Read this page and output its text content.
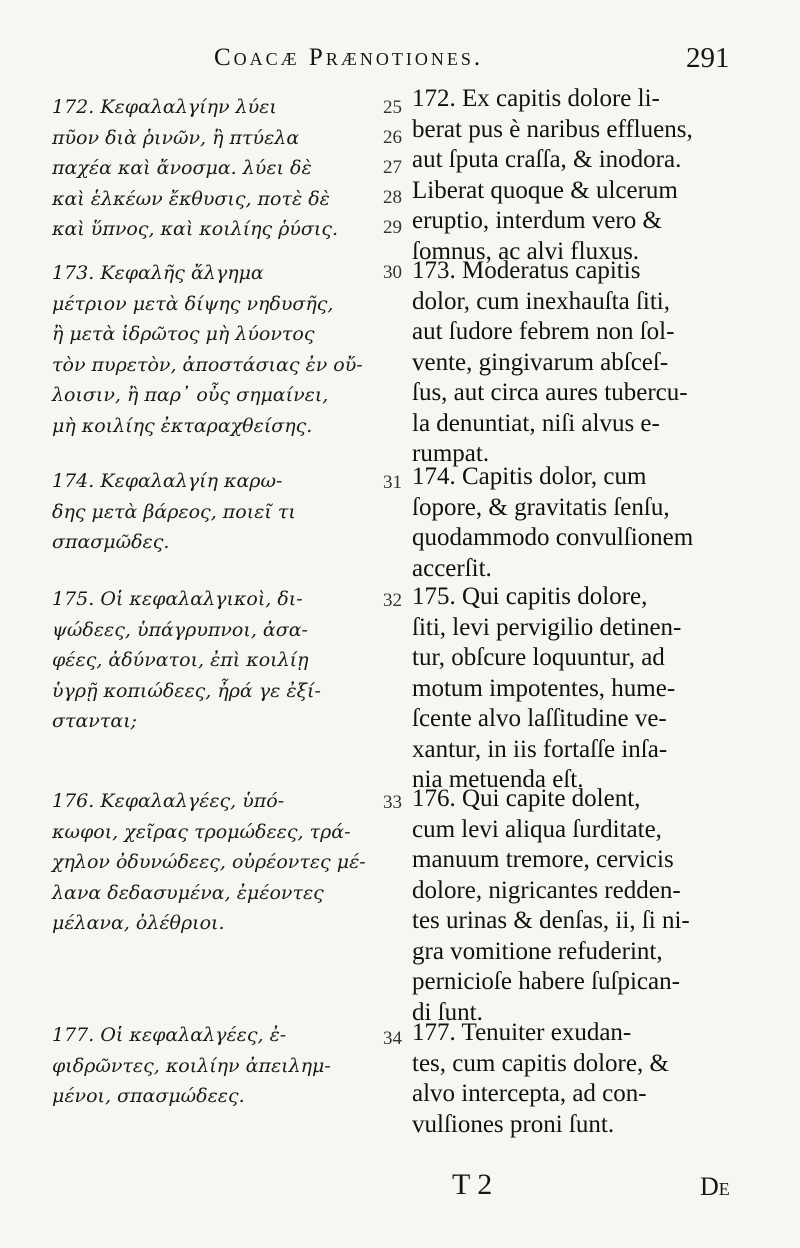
Coacæ Prænotiones.	291
172. Κεφαλαλγίην λύει
πῦον διὰ ῥινῶν, ἢ πτύελα
παχέα καὶ ἄνοσμα. λύει δὲ
καὶ ἑλκέων ἔκθυσις, ποτὲ δὲ
καὶ ὕπνος, καὶ κοιλίης ῥύσις.
25
26
27
28
29
172. Ex capitis dolore li-
berat pus è naribus effluens,
aut ſputa craſſa, & inodora.
Liberat quoque & ulcerum
eruptio, interdum vero &
ſomnus, ac alvi fluxus.
173. Κεφαλῆς ἄλγημα
μέτριον μετὰ δίψης νηδυσῆς,
ἢ μετὰ ἱδρῶτος μὴ λύοντος
τὸν πυρετὸν, ἀποστάσιας ἐν οὔ-
λοισιν, ἢ παρ᾽ οὖς σημαίνει,
μὴ κοιλίης ἐκταραχθείσης.
30 173. Moderatus capitis
dolor, cum inexhauſta ſiti,
aut ſudore febrem non ſol-
vente, gingivarum abſceſ-
ſus, aut circa aures tubercu-
la denuntiat, niſi alvus e-
rumpat.
174. Κεφαλαλγίη καρω-
δης μετὰ βάρεος, ποιεῖ τι
σπασμῶδες.
31 174. Capitis dolor, cum
ſopore, & gravitatis ſenſu,
quodammodo convulſionem
accerſit.
175. Οἱ κεφαλαλγικοὶ, δι-
ψώδεες, ὑπάγρυπνοι, ἀσα-
φέες, ἀδύνατοι, ἐπὶ κοιλίῃ
ὑγρῇ κοπιώδεες, ἦρά γε ἐξί-
στανται;
32 175. Qui capitis dolore,
ſiti, levi pervigilio detinen-
tur, obſcure loquuntur, ad
motum impotentes, hume-
ſcente alvo laſſitudine ve-
xantur, in iis fortaſſe inſa-
nia metuenda eſt.
176. Κεφαλαλγέες, ὑπό-
κωφοι, χεῖρας τρομώδεες, τρά-
χηλον ὀδυνώδεες, οὐρέοντες μέ-
λανα δεδασυμένα, ἐμέοντες
μέλανα, ὀλέθριοι.
33 176. Qui capite dolent,
cum levi aliqua ſurditate,
manuum tremore, cervicis
dolore, nigricantes redden-
tes urinas & denſas, ii, ſi ni-
gra vomitione refuderint,
pernicioſe habere ſuſpican-
di ſunt.
177. Οἱ κεφαλαλγέες, ἐ-
φιδρῶντες, κοιλίην ἀπειλημ-
μένοι, σπασμώδεες.
34 177. Tenuiter exudan-
tes, cum capitis dolore, &
alvo intercepta, ad con-
vulſiones proni ſunt.
T 2	De
